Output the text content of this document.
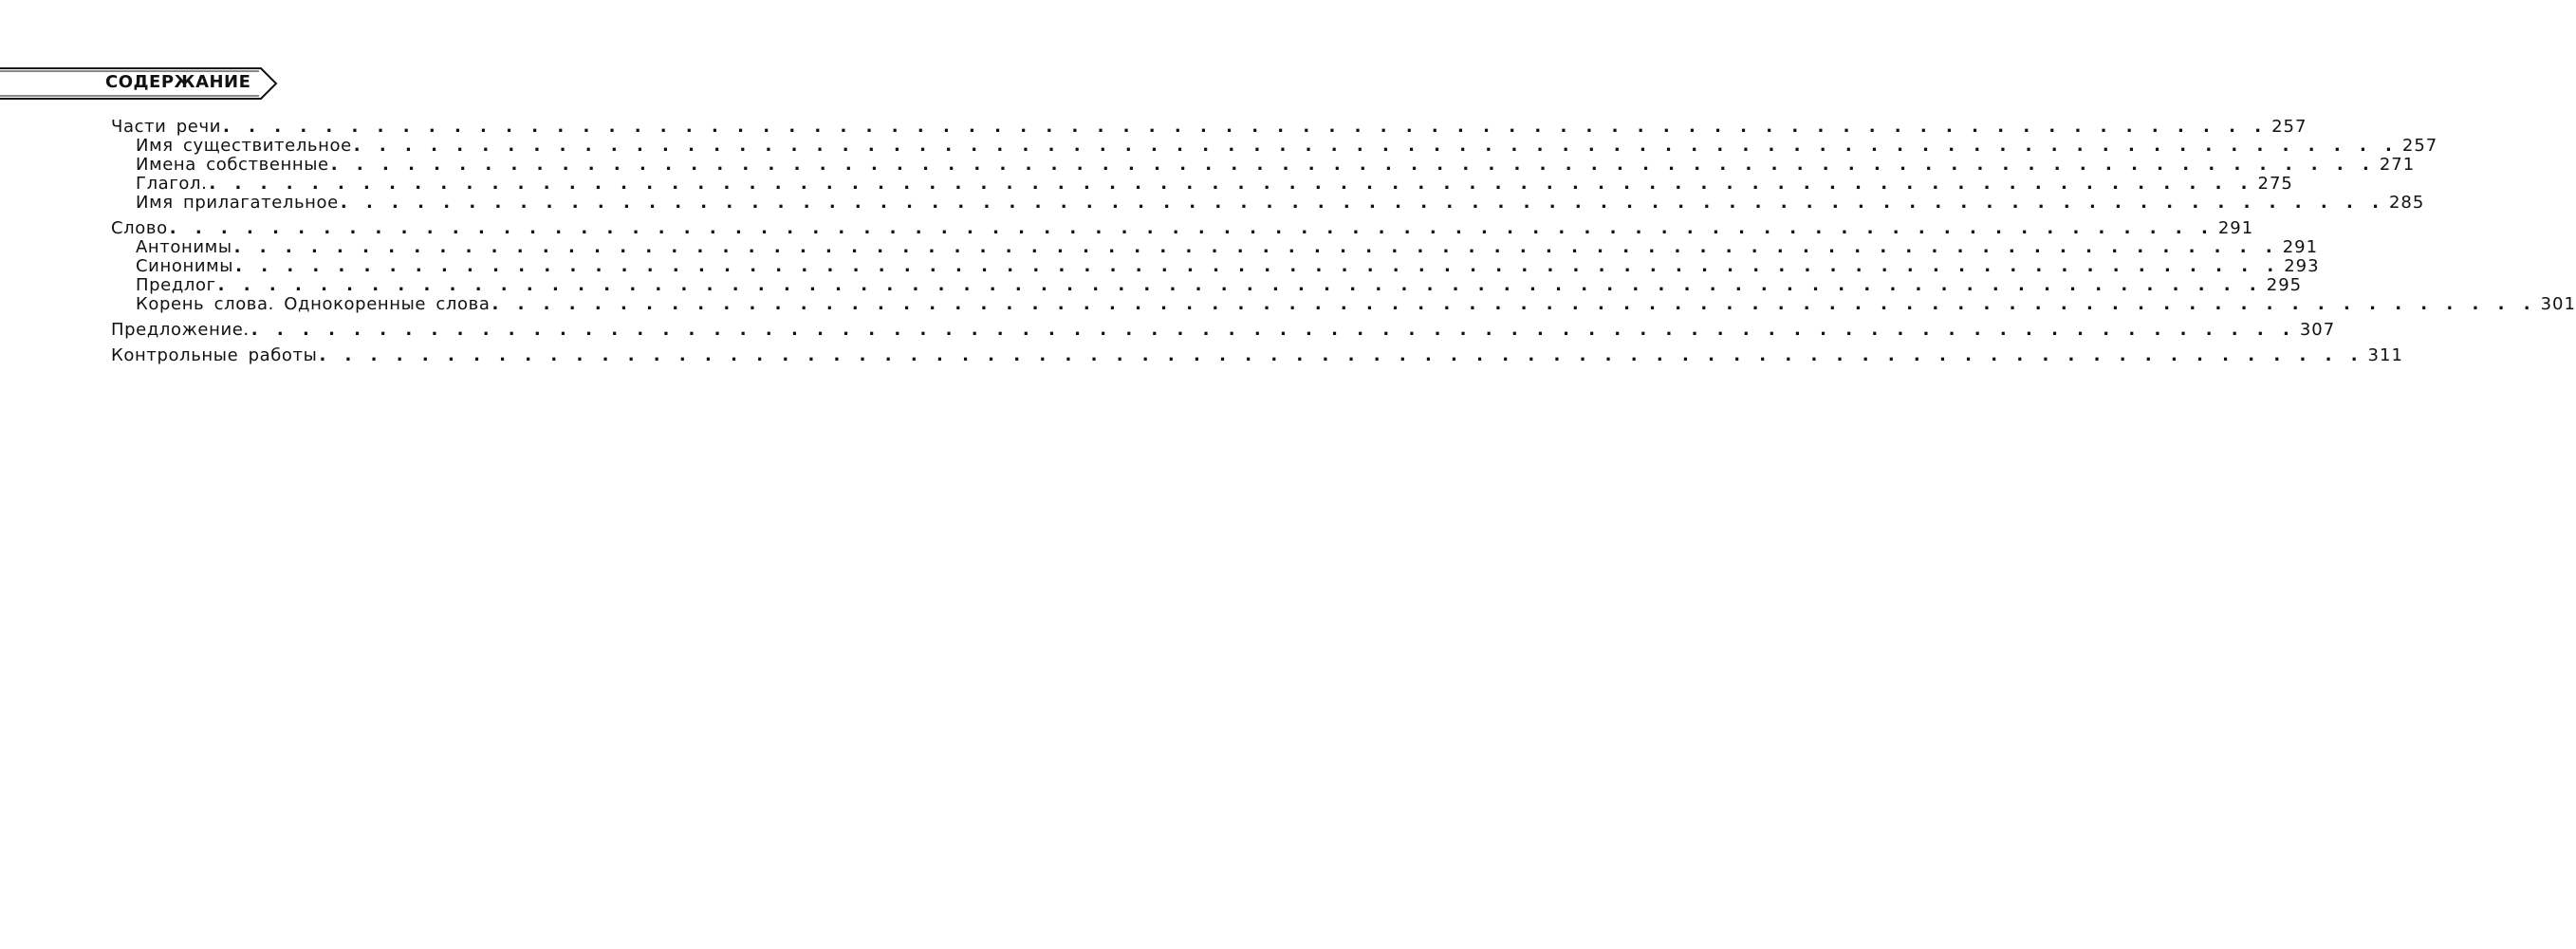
СОДЕРЖАНИЕ
Части речи . . . . . . . . . . . . . . . . . . . . . . . . . . . . . . . . . . . . . . . . . . . . . . . . . . . . . . . . . . . . . . . . . . . . . . . . . . . . . . . . 257
Имя существительное . . . . . . . . . . . . . . . . . . . . . . . . . . . . . . . . . . . . . . . . . . . . . . . . . . . . . . . . . . . . . . . . . . . . . . . . . . . . . . . . 257
Имена собственные . . . . . . . . . . . . . . . . . . . . . . . . . . . . . . . . . . . . . . . . . . . . . . . . . . . . . . . . . . . . . . . . . . . . . . . . . . . . . . . . 271
Глагол. . . . . . . . . . . . . . . . . . . . . . . . . . . . . . . . . . . . . . . . . . . . . . . . . . . . . . . . . . . . . . . . . . . . . . . . . . . . . . . . . 275
Имя прилагательное . . . . . . . . . . . . . . . . . . . . . . . . . . . . . . . . . . . . . . . . . . . . . . . . . . . . . . . . . . . . . . . . . . . . . . . . . . . . . . . . 285
Слово . . . . . . . . . . . . . . . . . . . . . . . . . . . . . . . . . . . . . . . . . . . . . . . . . . . . . . . . . . . . . . . . . . . . . . . . . . . . . . . . 291
Антонимы . . . . . . . . . . . . . . . . . . . . . . . . . . . . . . . . . . . . . . . . . . . . . . . . . . . . . . . . . . . . . . . . . . . . . . . . . . . . . . . . 291
Синонимы . . . . . . . . . . . . . . . . . . . . . . . . . . . . . . . . . . . . . . . . . . . . . . . . . . . . . . . . . . . . . . . . . . . . . . . . . . . . . . . . 293
Предлог . . . . . . . . . . . . . . . . . . . . . . . . . . . . . . . . . . . . . . . . . . . . . . . . . . . . . . . . . . . . . . . . . . . . . . . . . . . . . . . . 295
Корень слова. Однокоренные слова . . . . . . . . . . . . . . . . . . . . . . . . . . . . . . . . . . . . . . . . . . . . . . . . . . . . . . . . . . . . . . . . . . . . . . . . . . . . . . . . 301
Предложение. . . . . . . . . . . . . . . . . . . . . . . . . . . . . . . . . . . . . . . . . . . . . . . . . . . . . . . . . . . . . . . . . . . . . . . . . . . . . . . . . 307
Контрольные работы . . . . . . . . . . . . . . . . . . . . . . . . . . . . . . . . . . . . . . . . . . . . . . . . . . . . . . . . . . . . . . . . . . . . . . . . . . . . . . . . 311
